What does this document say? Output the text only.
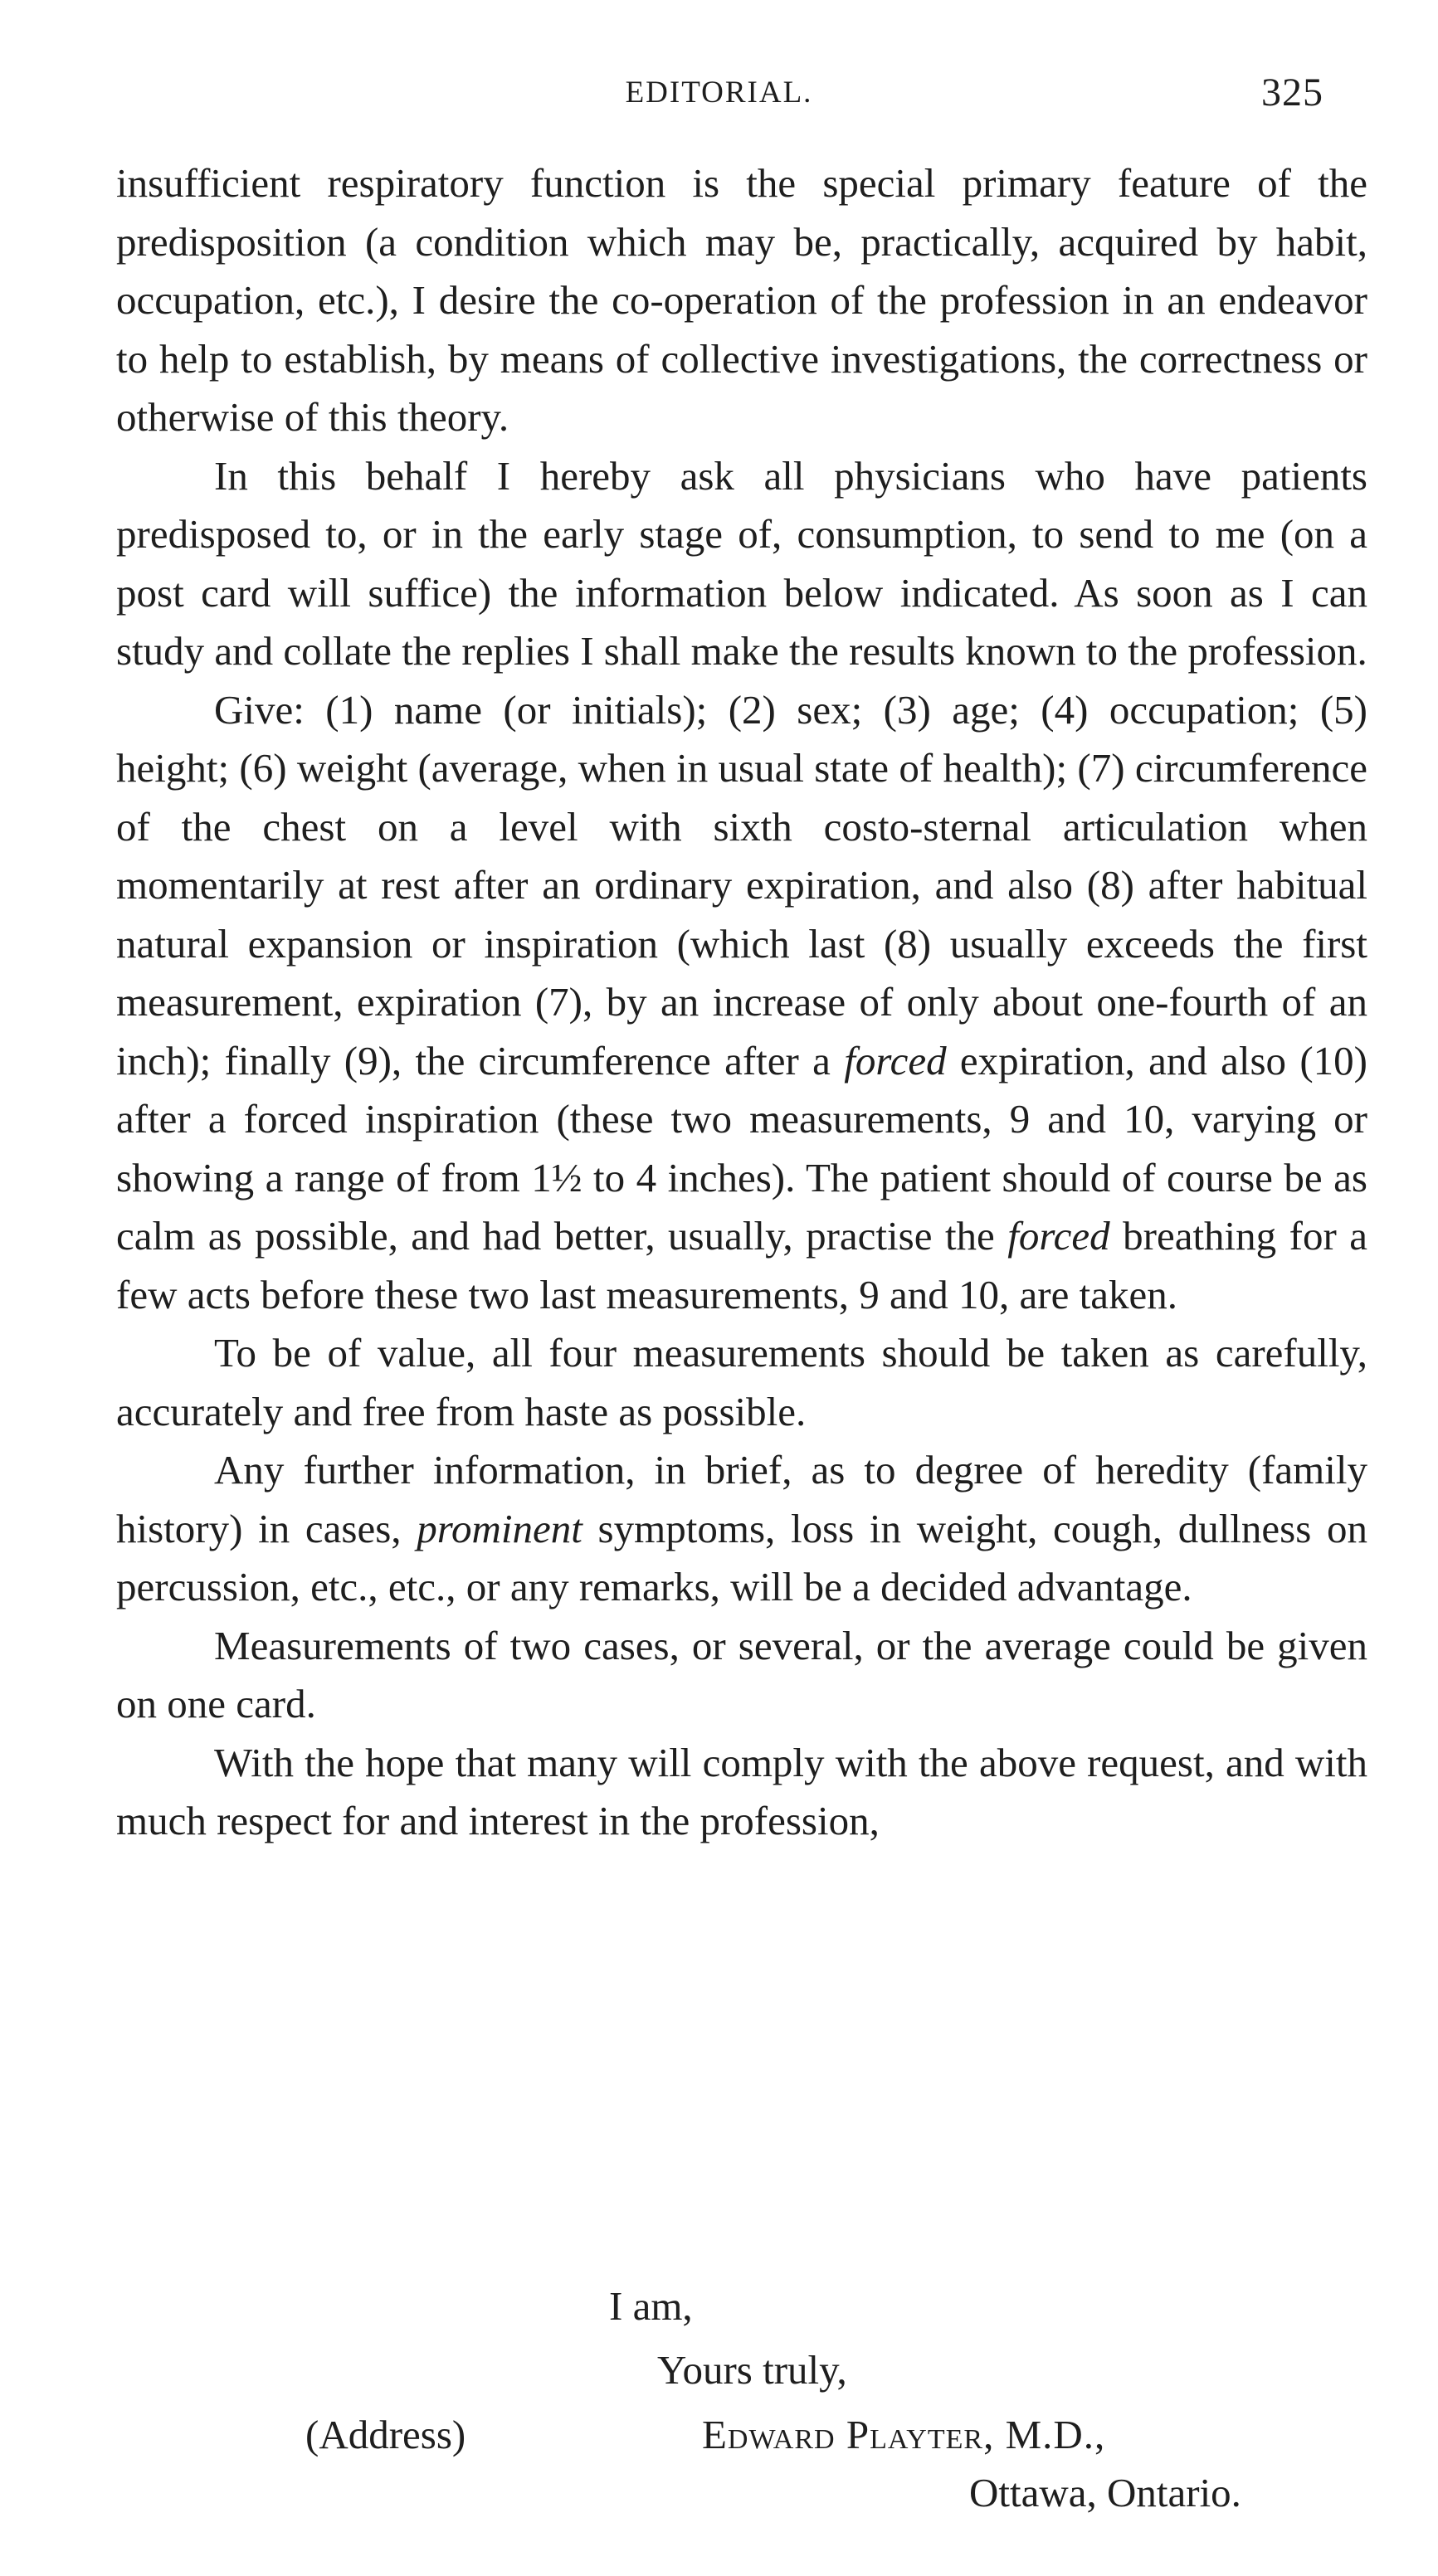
EDITORIAL.	325

insufficient respiratory function is the special primary feature of the predisposition (a condition which may be, practically, acquired by habit, occupation, etc.), I desire the co-operation of the profession in an endeavor to help to establish, by means of collective investigations, the correctness or otherwise of this theory.

In this behalf I hereby ask all physicians who have patients predisposed to, or in the early stage of, consumption, to send to me (on a post card will suffice) the information below indicated. As soon as I can study and collate the replies I shall make the results known to the profession.

Give: (1) name (or initials); (2) sex; (3) age; (4) occupation; (5) height; (6) weight (average, when in usual state of health); (7) circumference of the chest on a level with sixth costo-sternal articulation when momentarily at rest after an ordinary expiration, and also (8) after habitual natural expansion or inspiration (which last (8) usually exceeds the first measurement, expiration (7), by an increase of only about one-fourth of an inch); finally (9), the circumference after a forced expiration, and also (10) after a forced inspiration (these two measurements, 9 and 10, varying or showing a range of from 1½ to 4 inches). The patient should of course be as calm as possible, and had better, usually, practise the forced breathing for a few acts before these two last measurements, 9 and 10, are taken.

To be of value, all four measurements should be taken as carefully, accurately and free from haste as possible.

Any further information, in brief, as to degree of heredity (family history) in cases, prominent symptoms, loss in weight, cough, dullness on percussion, etc., etc., or any remarks, will be a decided advantage.

Measurements of two cases, or several, or the average could be given on one card.

With the hope that many will comply with the above request, and with much respect for and interest in the profession,

I am,
Yours truly,
(Address)	Edward Playter, M.D.,
Ottawa, Ontario.
